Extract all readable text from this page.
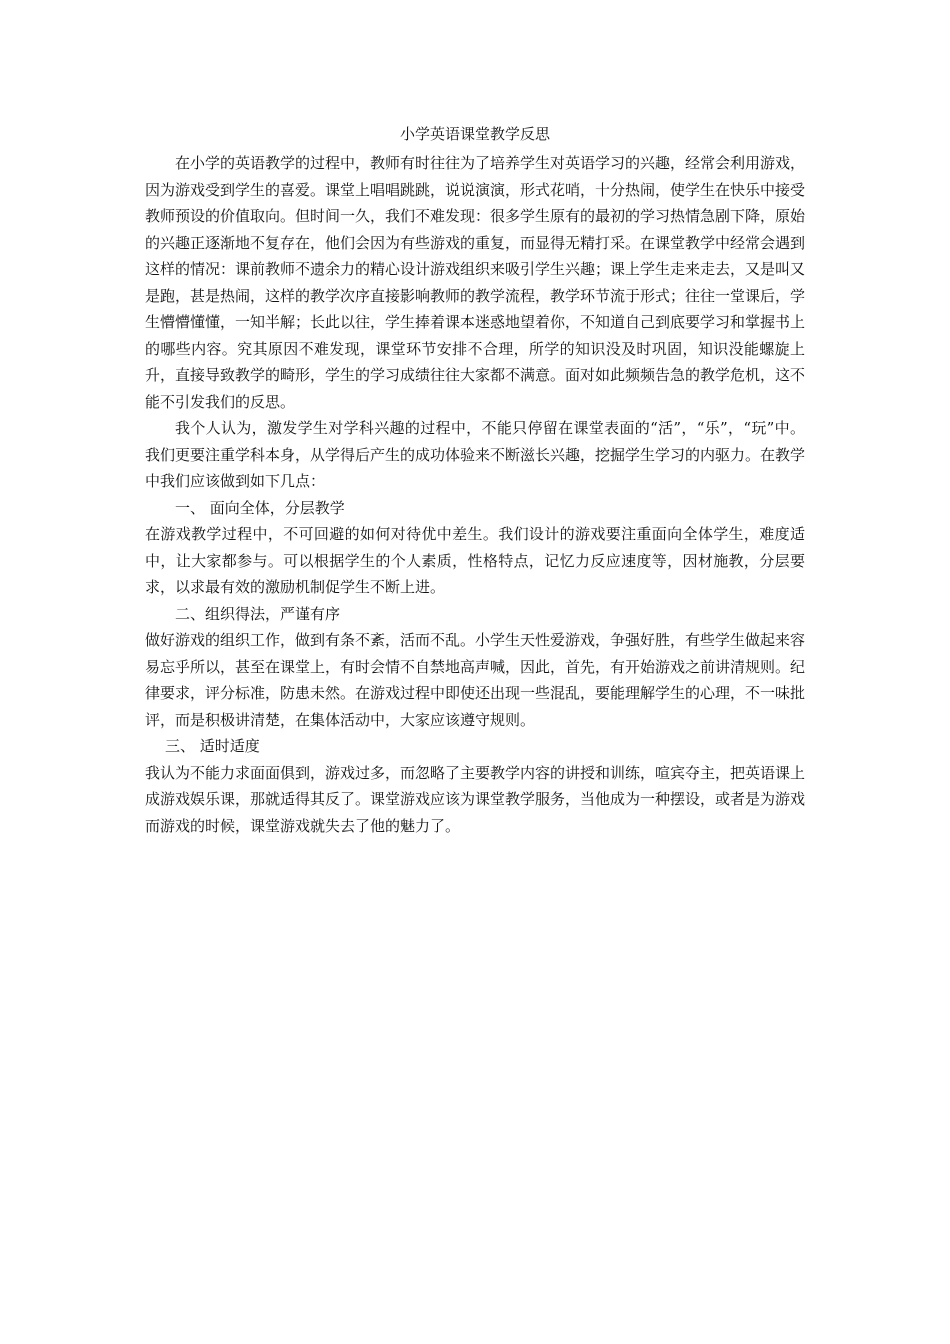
小学英语课堂教学反思

在小学的英语教学的过程中，教师有时往往为了培养学生对英语学习的兴趣，经常会利用游戏，因为游戏受到学生的喜爱。课堂上唱唱跳跳，说说演演，形式花哨，十分热闹，使学生在快乐中接受教师预设的价值取向。但时间一久，我们不难发现：很多学生原有的最初的学习热情急剧下降，原始的兴趣正逐渐地不复存在，他们会因为有些游戏的重复，而显得无精打采。在课堂教学中经常会遇到这样的情况：课前教师不遗余力的精心设计游戏组织来吸引学生兴趣；课上学生走来走去，又是叫又是跑，甚是热闹，这样的教学次序直接影响教师的教学流程，教学环节流于形式；往往一堂课后，学生懵懵懂懂，一知半解；长此以往，学生捧着课本迷惑地望着你，不知道自己到底要学习和掌握书上的哪些内容。究其原因不难发现，课堂环节安排不合理，所学的知识没及时巩固，知识没能螺旋上升，直接导致教学的畸形，学生的学习成绩往往大家都不满意。面对如此频频告急的教学危机，这不能不引发我们的反思。

我个人认为，激发学生对学科兴趣的过程中，不能只停留在课堂表面的“活”，“乐”，“玩”中。我们更要注重学科本身，从学得后产生的成功体验来不断滋长兴趣，挖掘学生学习的内驱力。在教学中我们应该做到如下几点：

一、 面向全体，分层教学

在游戏教学过程中，不可回避的如何对待优中差生。我们设计的游戏要注重面向全体学生，难度适中，让大家都参与。可以根据学生的个人素质，性格特点，记忆力反应速度等，因材施教，分层要求，以求最有效的激励机制促学生不断上进。

二、组织得法，严谨有序

做好游戏的组织工作，做到有条不紊，活而不乱。小学生天性爱游戏，争强好胜，有些学生做起来容易忘乎所以，甚至在课堂上，有时会情不自禁地高声喊，因此，首先，有开始游戏之前讲清规则。纪律要求，评分标准，防患未然。在游戏过程中即使还出现一些混乱，要能理解学生的心理，不一味批评，而是积极讲清楚，在集体活动中，大家应该遵守规则。

三、 适时适度

我认为不能力求面面俱到，游戏过多，而忽略了主要教学内容的讲授和训练，喧宾夺主，把英语课上成游戏娱乐课，那就适得其反了。课堂游戏应该为课堂教学服务，当他成为一种摆设，或者是为游戏而游戏的时候，课堂游戏就失去了他的魅力了。
